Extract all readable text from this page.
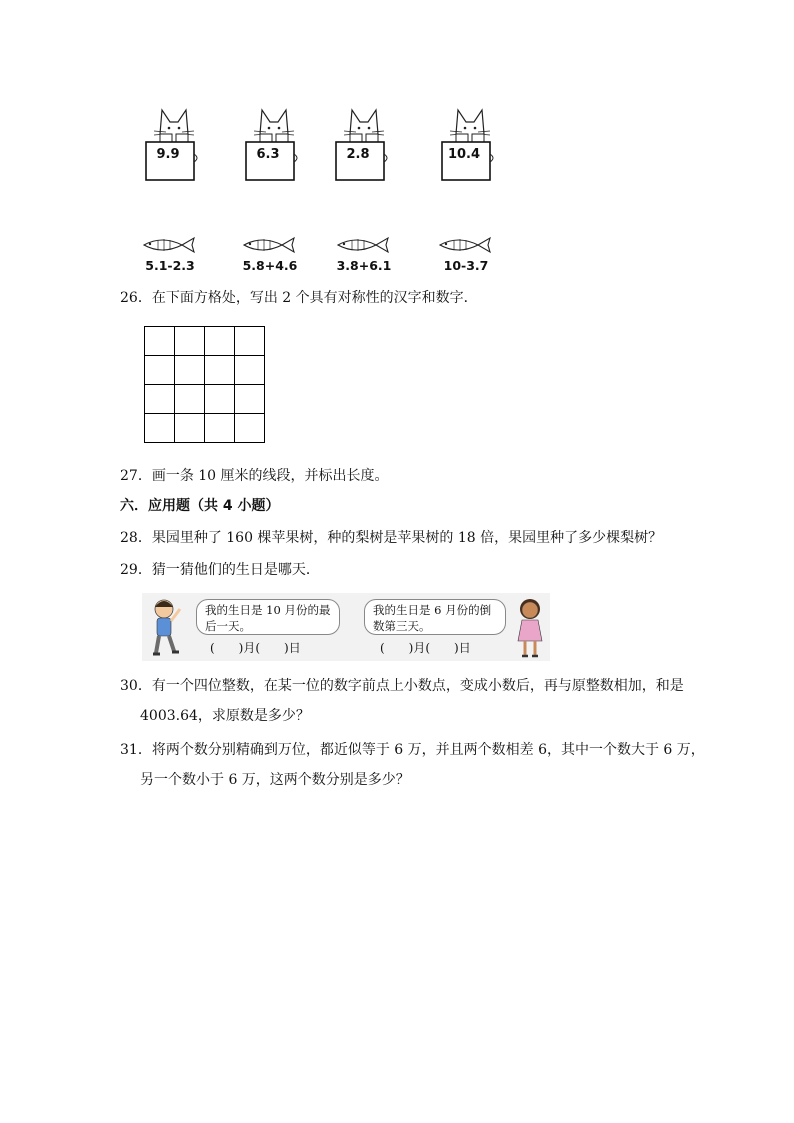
9.9	6.3	2.8	10.4
5.1-2.3	5.8+4.6	3.8+6.1	10-3.7
26．在下面方格处，写出 2 个具有对称性的汉字和数字．

27．画一条 10 厘米的线段，并标出长度。
六．应用题（共 4 小题）
28．果园里种了 160 棵苹果树，种的梨树是苹果树的 18 倍，果园里种了多少棵梨树？
29．猜一猜他们的生日是哪天．
我的生日是 10 月份的最
后一天。
(　　)月(　　)日
我的生日是 6 月份的倒
数第三天。
(　　)月(　　)日
30．有一个四位整数，在某一位的数字前点上小数点，变成小数后，再与原整数相加，和是
4003.64，求原数是多少？
31．将两个数分别精确到万位，都近似等于 6 万，并且两个数相差 6，其中一个数大于 6 万，
另一个数小于 6 万，这两个数分别是多少？
